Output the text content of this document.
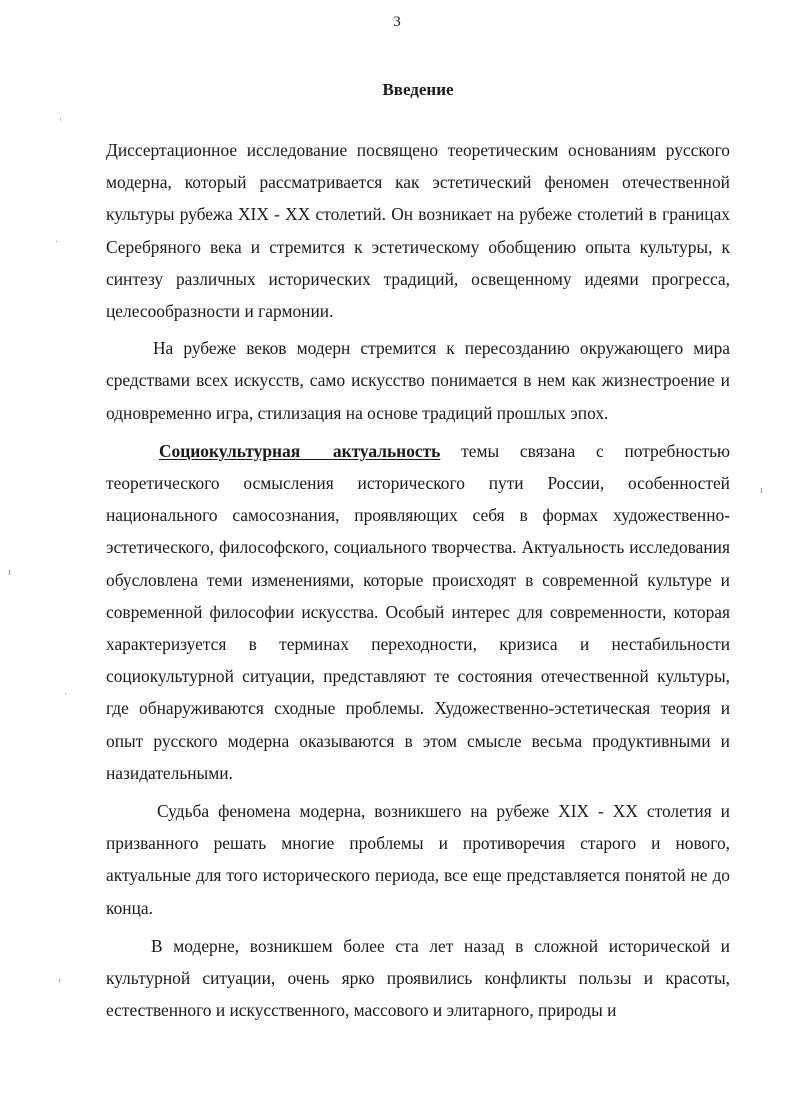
3
Введение

Диссертационное исследование посвящено теоретическим основаниям русского модерна, который рассматривается как эстетический феномен отечественной культуры рубежа XIX - XX столетий. Он возникает на рубеже столетий в границах Серебряного века и стремится к эстетическому обобщению опыта культуры, к синтезу различных исторических традиций, освещенному идеями прогресса, целесообразности и гармонии.

На рубеже веков модерн стремится к пересозданию окружающего мира средствами всех искусств, само искусство понимается в нем как жизнестроение и одновременно игра, стилизация на основе традиций прошлых эпох.

Социокультурная актуальность темы связана с потребностью теоретического осмысления исторического пути России, особенностей национального самосознания, проявляющих себя в формах художественно-эстетического, философского, социального творчества. Актуальность исследования обусловлена теми изменениями, которые происходят в современной культуре и современной философии искусства. Особый интерес для современности, которая характеризуется в терминах переходности, кризиса и нестабильности социокультурной ситуации, представляют те состояния отечественной культуры, где обнаруживаются сходные проблемы. Художественно-эстетическая теория и опыт русского модерна оказываются в этом смысле весьма продуктивными и назидательными.

Судьба феномена модерна, возникшего на рубеже XIX - XX столетия и призванного решать многие проблемы и противоречия старого и нового, актуальные для того исторического периода, все еще представляется понятой не до конца.

В модерне, возникшем более ста лет назад в сложной исторической и культурной ситуации, очень ярко проявились конфликты пользы и красоты, естественного и искусственного, массового и элитарного, природы и

ᵎ
·
ı
ı
·
‹
